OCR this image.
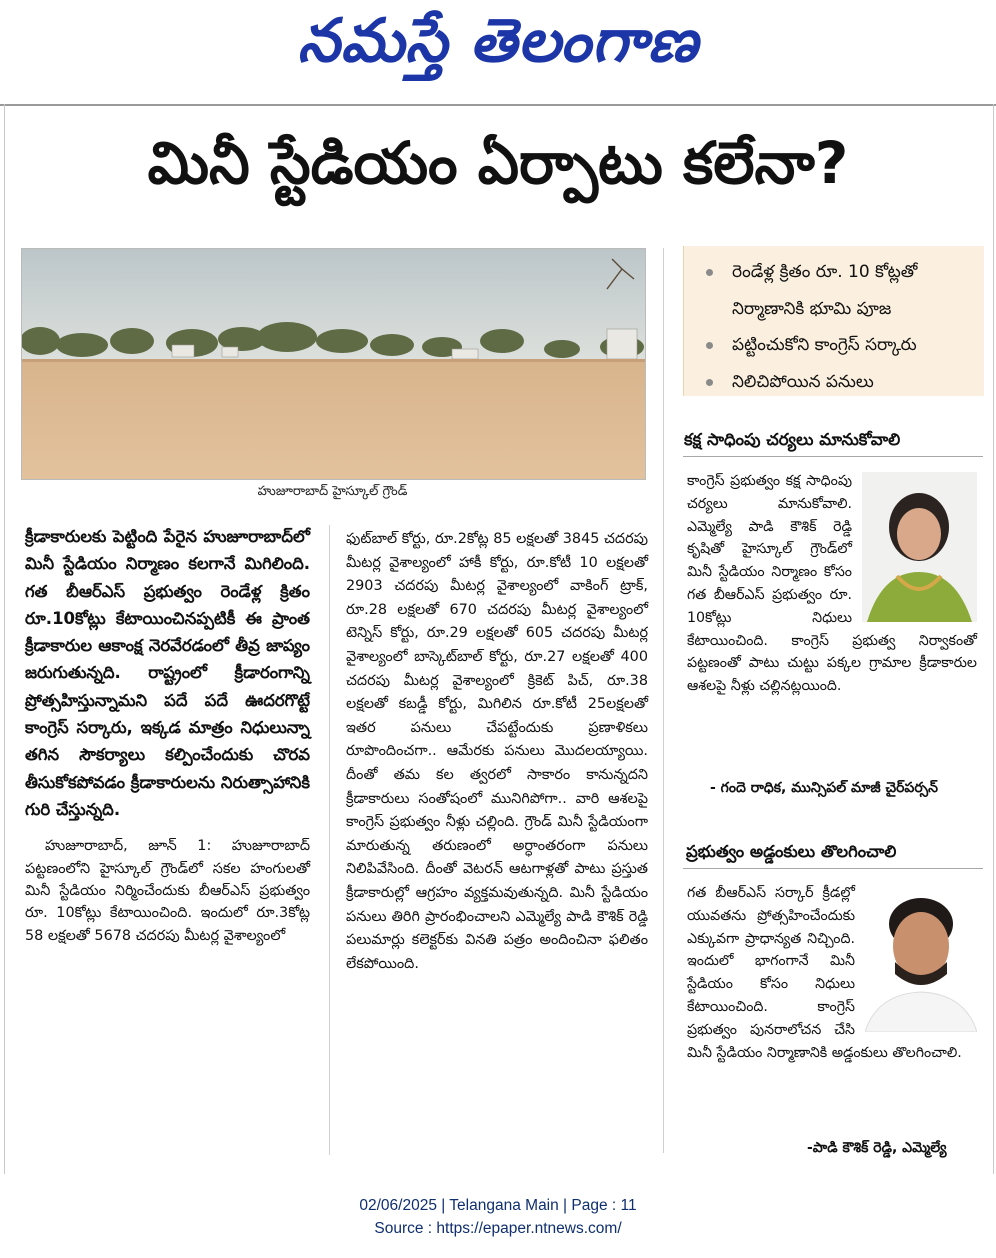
నమస్తే తెలంగాణ
మినీ స్టేడియం ఏర్పాటు కలేనా?
హుజూరాబాద్ హైస్కూల్ గ్రౌండ్

క్రీడాకారులకు పెట్టింది పేరైన హుజూరాబాద్‌లో మినీ స్టేడియం నిర్మాణం కలగానే మిగిలింది. గత బీఆర్ఎస్ ప్రభుత్వం రెండేళ్ల క్రితం రూ.10కోట్లు కేటాయించినప్పటికీ ఈ ప్రాంత క్రీడాకారుల ఆకాంక్ష నెరవేరడంలో తీవ్ర జాప్యం జరుగుతున్నది. రాష్ట్రంలో క్రీడారంగాన్ని ప్రోత్సహిస్తున్నామని పదే పదే ఊదరగొట్టే కాంగ్రెస్ సర్కారు, ఇక్కడ మాత్రం నిధులున్నా తగిన సౌకర్యాలు కల్పించేందుకు చొరవ తీసుకోకపోవడం క్రీడాకారులను నిరుత్సాహానికి గురి చేస్తున్నది.

హుజూరాబాద్, జూన్ 1: హుజూరాబాద్ పట్టణంలోని హైస్కూల్ గ్రౌండ్‌లో సకల హంగులతో మినీ స్టేడియం నిర్మించేందుకు బీఆర్ఎస్ ప్రభుత్వం రూ. 10కోట్లు కేటాయించింది. ఇందులో రూ.3కోట్ల 58 లక్షలతో 5678 చదరపు మీటర్ల వైశాల్యంలో

ఫుట్‌బాల్ కోర్టు, రూ.2కోట్ల 85 లక్షలతో 3845 చదరపు మీటర్ల వైశాల్యంలో హాకీ కోర్టు, రూ.కోటీ 10 లక్షలతో 2903 చదరపు మీటర్ల వైశాల్యంలో వాకింగ్ ట్రాక్, రూ.28 లక్షలతో 670 చదరపు మీటర్ల వైశాల్యంలో టెన్నిస్ కోర్టు, రూ.29 లక్షలతో 605 చదరపు మీటర్ల వైశాల్యంలో బాస్కెట్‌బాల్ కోర్టు, రూ.27 లక్షలతో 400 చదరపు మీటర్ల వైశాల్యంలో క్రికెట్ పిచ్, రూ.38 లక్షలతో కబడ్డీ కోర్టు, మిగిలిన రూ.కోటీ 25లక్షలతో ఇతర పనులు చేపట్టేందుకు ప్రణాళికలు రూపొందించగా.. ఆమేరకు పనులు మొదలయ్యాయి. దీంతో తమ కల త్వరలో సాకారం కానున్నదని క్రీడాకారులు సంతోషంలో మునిగిపోగా.. వారి ఆశలపై కాంగ్రెస్ ప్రభుత్వం నీళ్లు చల్లింది. గ్రౌండ్ మినీ స్టేడియంగా మారుతున్న తరుణంలో అర్ధాంతరంగా పనులు నిలిపివేసింది. దీంతో వెటరన్ ఆటగాళ్లతో పాటు ప్రస్తుత క్రీడాకారుల్లో ఆగ్రహం వ్యక్తమవుతున్నది. మినీ స్టేడియం పనులు తిరిగి ప్రారంభించాలని ఎమ్మెల్యే పాడి కౌశిక్ రెడ్డి పలుమార్లు కలెక్టర్‌కు వినతి పత్రం అందించినా ఫలితం లేకపోయింది.

రెండేళ్ల క్రితం రూ. 10 కోట్లతో నిర్మాణానికి భూమి పూజ
పట్టించుకోని కాంగ్రెస్ సర్కారు
నిలిచిపోయిన పనులు
కక్ష సాధింపు చర్యలు మానుకోవాలి
కాంగ్రెస్ ప్రభుత్వం కక్ష సాధింపు చర్యలు మానుకోవాలి. ఎమ్మెల్యే పాడి కౌశిక్ రెడ్డి కృషితో హైస్కూల్ గ్రౌండ్‌లో మినీ స్టేడియం నిర్మాణం కోసం గత బీఆర్ఎస్ ప్రభుత్వం రూ. 10కోట్లు నిధులు కేటాయించింది. కాంగ్రెస్ ప్రభుత్వ నిర్వాకంతో పట్టణంతో పాటు చుట్టు పక్కల గ్రామాల క్రీడాకారుల ఆశలపై నీళ్లు చల్లినట్లయింది.
- గందె రాధిక, మున్సిపల్ మాజీ చైర్‌పర్సన్
ప్రభుత్వం అడ్డంకులు తొలగించాలి
గత బీఆర్ఎస్ సర్కార్ క్రీడల్లో యువతను ప్రోత్సహించేందుకు ఎక్కువగా ప్రాధాన్యత నిచ్చింది. ఇందులో భాగంగానే మినీ స్టేడియం కోసం నిధులు కేటాయించింది. కాంగ్రెస్ ప్రభుత్వం పునరాలోచన చేసి మినీ స్టేడియం నిర్మాణానికి అడ్డంకులు తొలగించాలి.
-పాడి కౌశిక్ రెడ్డి, ఎమ్మెల్యే
02/06/2025 | Telangana Main | Page : 11
Source : https://epaper.ntnews.com/
